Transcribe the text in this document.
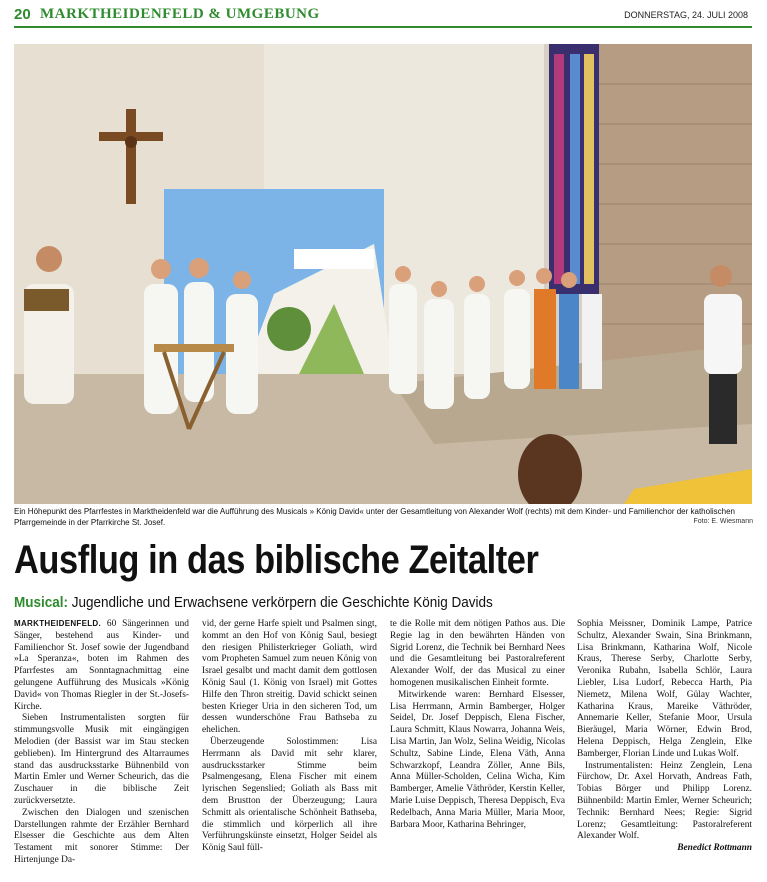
20 MARKTHEIDENFELD & UMGEBUNG	DONNERSTAG, 24. JULI 2008
Ein Höhepunkt des Pfarrfestes in Marktheidenfeld war die Aufführung des Musicals » König David« unter der Gesamtleitung von Alexander Wolf (rechts) mit dem Kinder- und Familienchor der katholischen Pfarrgemeinde in der Pfarrkirche St. Josef.	Foto: E. Wiesmann
Ausflug in das biblische Zeitalter
Musical: Jugendliche und Erwachsene verkörpern die Geschichte König Davids

MARKTHEIDENFELD. 60 Sängerinnen und Sänger, bestehend aus Kinder- und Familienchor St. Josef sowie der Jugendband »La Speranza«, boten im Rahmen des Pfarrfestes am Sonntagnachmittag eine gelungene Aufführung des Musicals »König David« von Thomas Riegler in der St.-Josefs-Kirche.

Sieben Instrumentalisten sorgten für stimmungsvolle Musik mit eingängigen Melodien (der Bassist war im Stau stecken geblieben). Im Hintergrund des Altarraumes stand das ausdrucksstarke Bühnenbild von Martin Emler und Werner Scheurich, das die Zuschauer in die biblische Zeit zurückversetzte.

Zwischen den Dialogen und szenischen Darstellungen rahmte der Erzähler Bernhard Elsesser die Geschichte aus dem Alten Testament mit sonorer Stimme: Der Hirtenjunge Da-

vid, der gerne Harfe spielt und Psalmen singt, kommt an den Hof von König Saul, besiegt den riesigen Philisterkrieger Goliath, wird vom Propheten Samuel zum neuen König von Israel gesalbt und macht damit dem gottlosen König Saul (1. König von Israel) mit Gottes Hilfe den Thron streitig. David schickt seinen besten Krieger Uria in den sicheren Tod, um dessen wunderschöne Frau Bathseba zu ehelichen.

Überzeugende Solostimmen: Lisa Herrmann als David mit sehr klarer, ausdrucksstarker Stimme beim Psalmengesang, Elena Fischer mit einem lyrischen Segenslied; Goliath als Bass mit dem Brustton der Überzeugung; Laura Schmitt als orientalische Schönheit Bathseba, die stimmlich und körperlich all ihre Verführungskünste einsetzt, Holger Seidel als König Saul füll-

te die Rolle mit dem nötigen Pathos aus. Die Regie lag in den bewährten Händen von Sigrid Lorenz, die Technik bei Bernhard Nees und die Gesamtleitung bei Pastoralreferent Alexander Wolf, der das Musical zu einer homogenen musikalischen Einheit formte.

Mitwirkende waren: Bernhard Elsesser, Lisa Herrmann, Armin Bamberger, Holger Seidel, Dr. Josef Deppisch, Elena Fischer, Laura Schmitt, Klaus Nowarra, Johanna Weis, Lisa Martin, Jan Wolz, Selina Weidig, Nicolas Schultz, Sabine Linde, Elena Väth, Anna Schwarzkopf, Leandra Zöller, Anne Bils, Anna Müller-Scholden, Celina Wicha, Kim Bamberger, Amelie Väthröder, Kerstin Keller, Marie Luise Deppisch, Theresa Deppisch, Eva Redelbach, Anna Maria Müller, Maria Moor, Barbara Moor, Katharina Behringer,

Sophia Meissner, Dominik Lampe, Patrice Schultz, Alexander Swain, Sina Brinkmann, Lisa Brinkmann, Katharina Wolf, Nicole Kraus, Therese Serby, Charlotte Serby, Veronika Rubahn, Isabella Schlör, Laura Liebler, Lisa Ludorf, Rebecca Harth, Pia Niemetz, Milena Wolf, Gülay Wachter, Katharina Kraus, Mareike Väthröder, Annemarie Keller, Stefanie Moor, Ursula Bieräugel, Maria Wörner, Edwin Brod, Helena Deppisch, Helga Zenglein, Elke Bamberger, Florian Linde und Lukas Wolf.

Instrumentalisten: Heinz Zenglein, Lena Fürchow, Dr. Axel Horvath, Andreas Fath, Tobias Börger und Philipp Lorenz. Bühnenbild: Martin Emler, Werner Scheurich; Technik: Bernhard Nees; Regie: Sigrid Lorenz; Gesamtleitung: Pastoralreferent Alexander Wolf.

Benedict Rottmann
